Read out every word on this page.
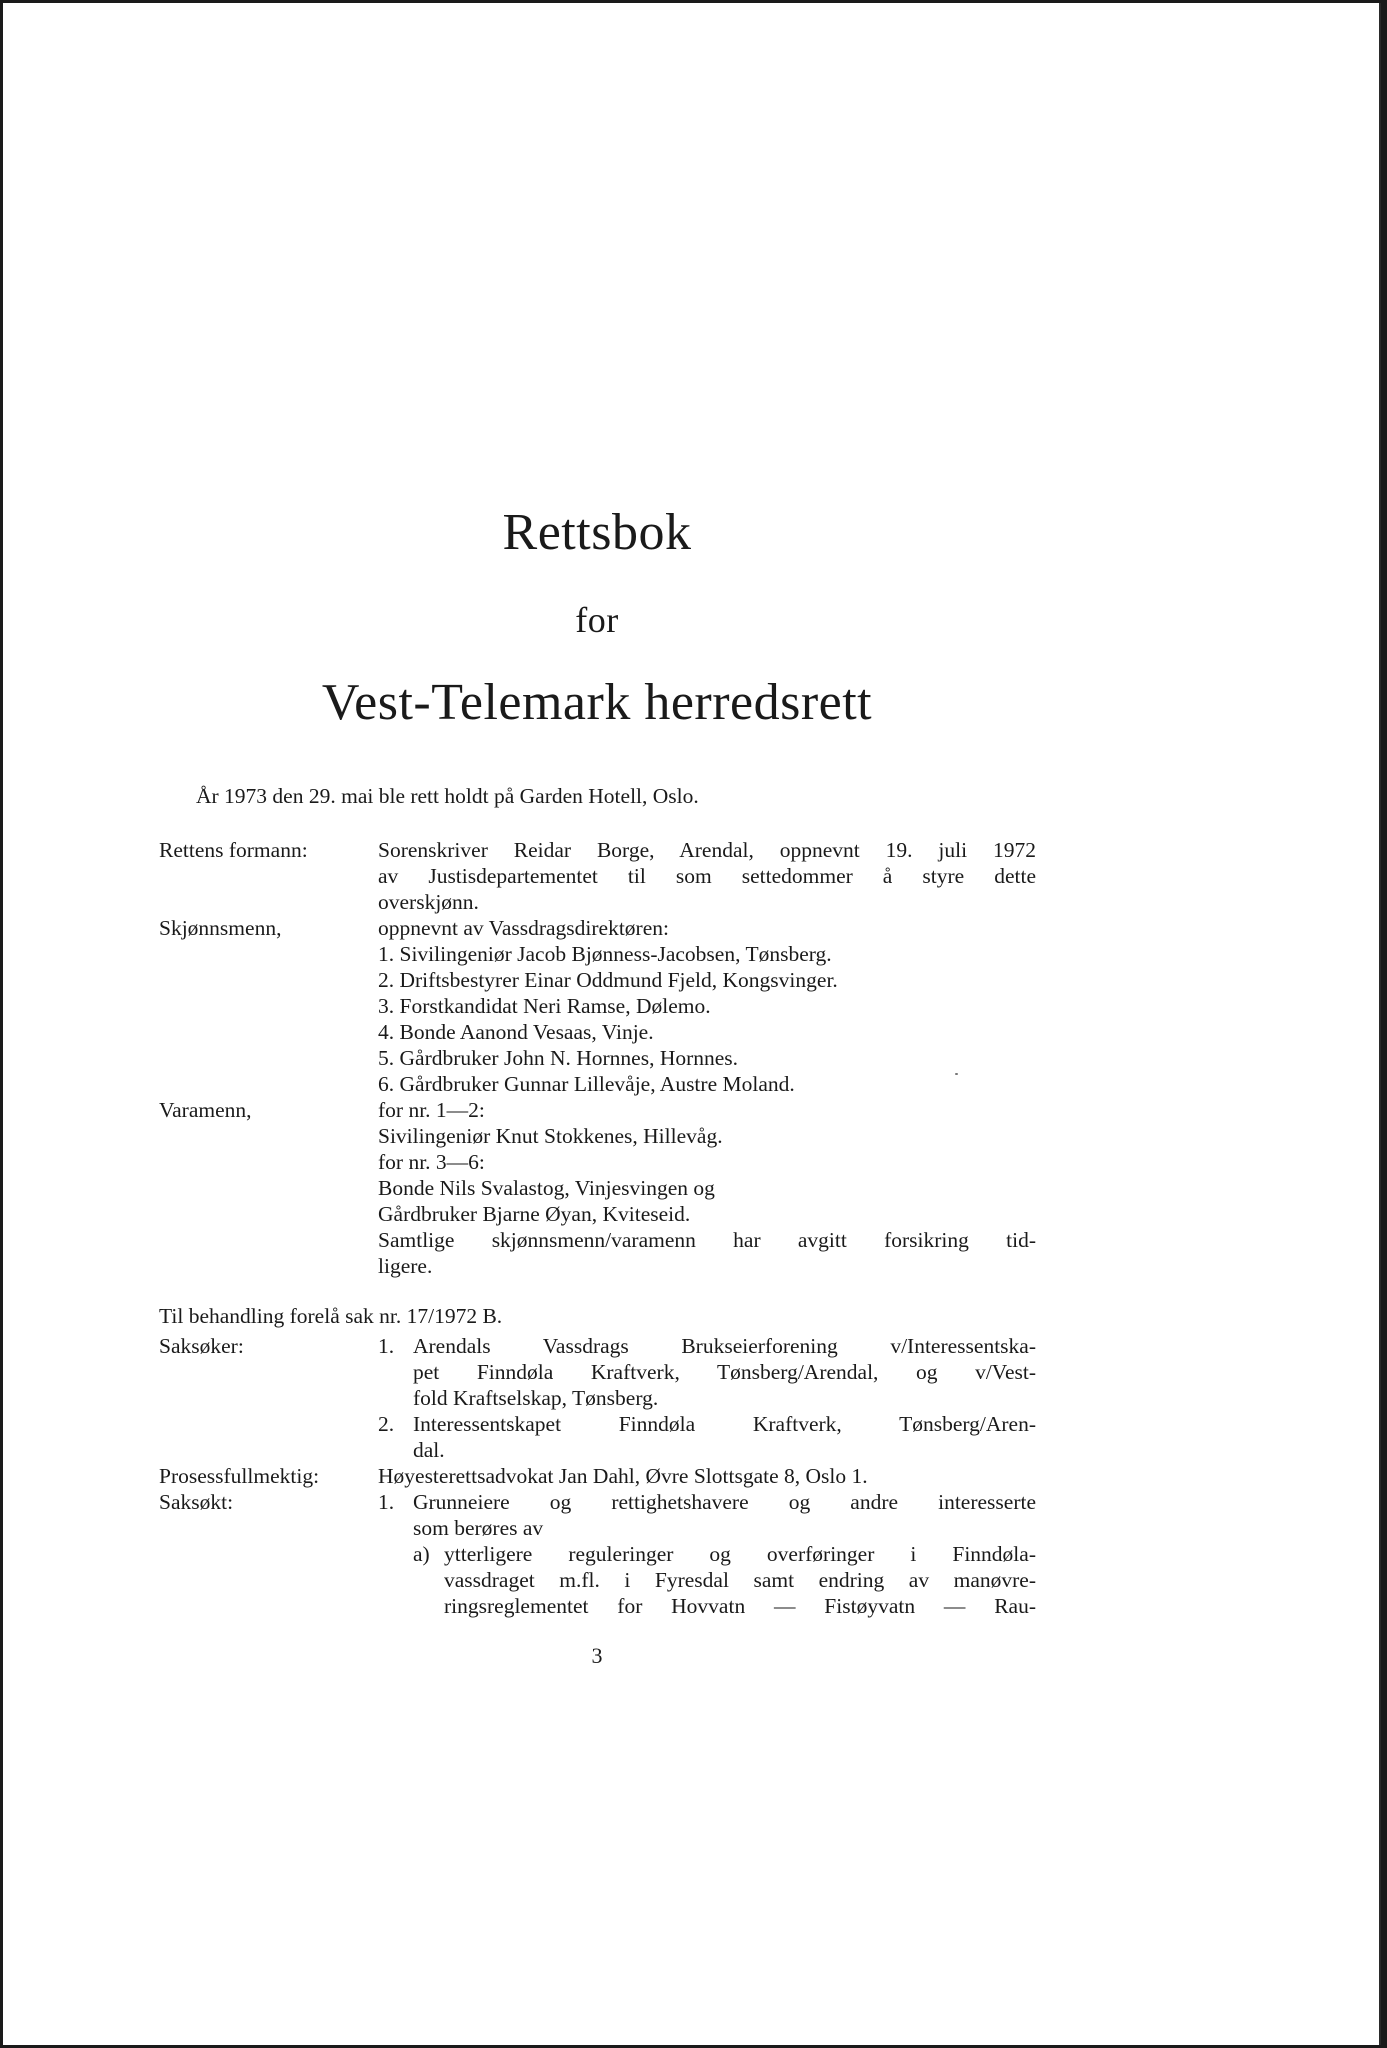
Rettsbok
for
Vest-Telemark herredsrett
År 1973 den 29. mai ble rett holdt på Garden Hotell, Oslo.
Rettens formann:	Sorenskriver Reidar Borge, Arendal, oppnevnt 19. juli 1972
av Justisdepartementet til som settedommer å styre dette
overskjønn.
Skjønnsmenn,	oppnevnt av Vassdragsdirektøren:
1. Sivilingeniør Jacob Bjønness-Jacobsen, Tønsberg.
2. Driftsbestyrer Einar Oddmund Fjeld, Kongsvinger.
3. Forstkandidat Neri Ramse, Dølemo.
4. Bonde Aanond Vesaas, Vinje.
5. Gårdbruker John N. Hornnes, Hornnes.
6. Gårdbruker Gunnar Lillevåje, Austre Moland.
Varamenn,	for nr. 1—2:
Sivilingeniør Knut Stokkenes, Hillevåg.
for nr. 3—6:
Bonde Nils Svalastog, Vinjesvingen og
Gårdbruker Bjarne Øyan, Kviteseid.
Samtlige skjønnsmenn/varamenn har avgitt forsikring tid-
ligere.
Til behandling forelå sak nr. 17/1972 B.
Saksøker:	1. Arendals Vassdrags Brukseierforening v/Interessentska-
pet Finndøla Kraftverk, Tønsberg/Arendal, og v/Vest-
fold Kraftselskap, Tønsberg.
2. Interessentskapet Finndøla Kraftverk, Tønsberg/Aren-
dal.
Prosessfullmektig:	Høyesterettsadvokat Jan Dahl, Øvre Slottsgate 8, Oslo 1.
Saksøkt:	1. Grunneiere og rettighetshavere og andre interesserte
som berøres av
a) ytterligere reguleringer og overføringer i Finndøla-
vassdraget m.fl. i Fyresdal samt endring av manøvre-
ringsreglementet for Hovvatn — Fistøyvatn — Rau-
3
